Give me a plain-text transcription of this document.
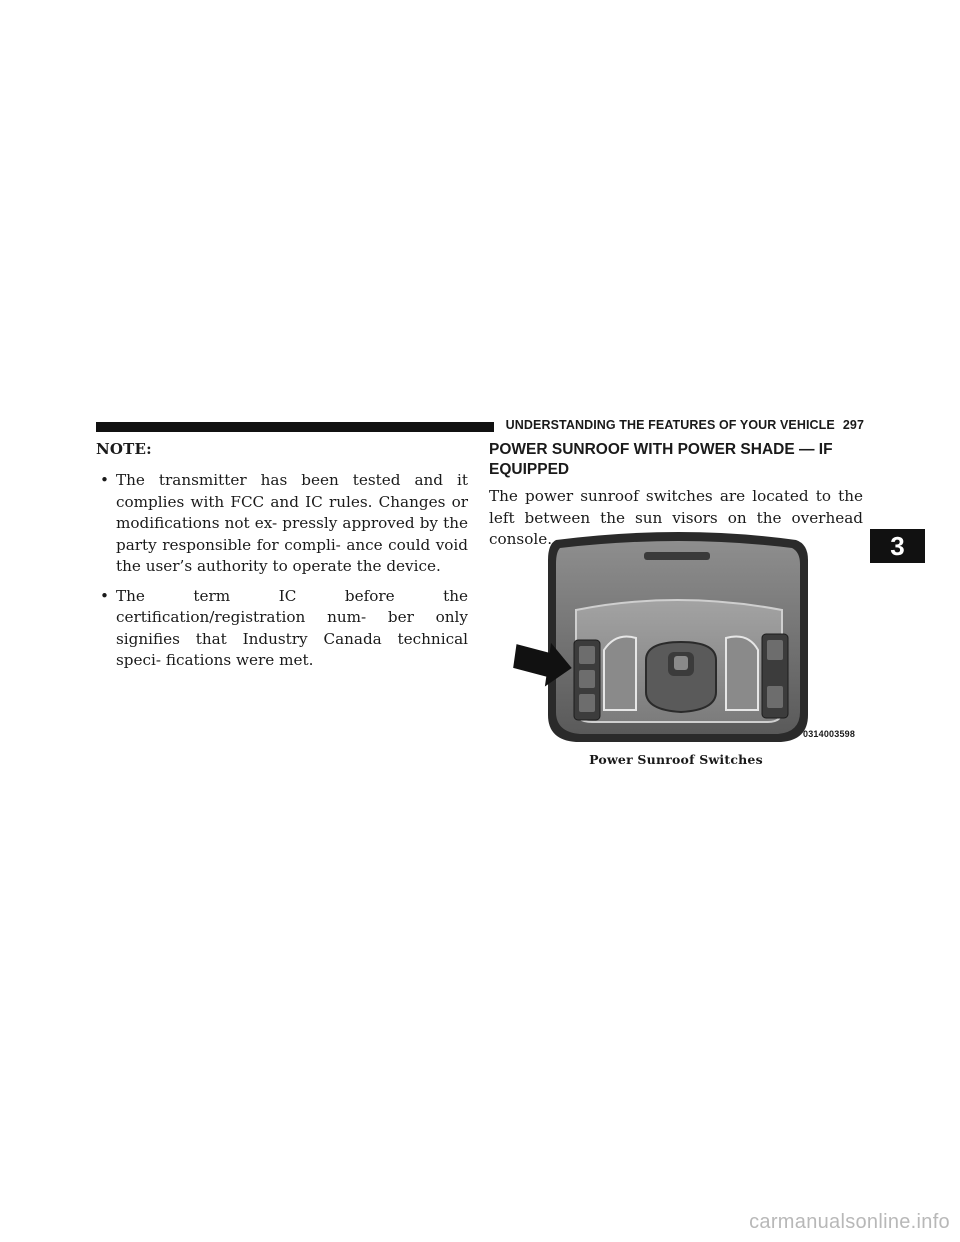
UNDERSTANDING THE FEATURES OF YOUR VEHICLE 297
NOTE:
• The transmitter has been tested and it complies with FCC and IC rules. Changes or modifications not ex- pressly approved by the party responsible for compli- ance could void the user’s authority to operate the device.
• The term IC before the certification/registration num- ber only signifies that Industry Canada technical speci- fications were met.
POWER SUNROOF WITH POWER SHADE — IF EQUIPPED

The power sunroof switches are located to the left between the sun visors on the overhead console.

0314003598
Power Sunroof Switches
3
carmanualsonline.info
